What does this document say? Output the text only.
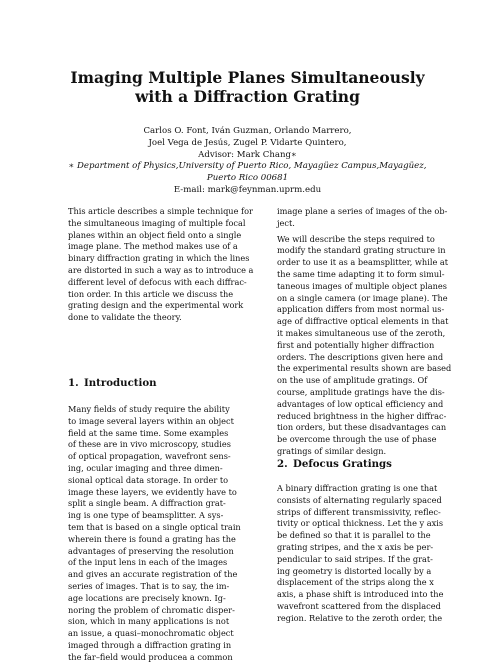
Imaging Multiple Planes Simultaneously
with a Diffraction Grating
Carlos O. Font, Iván Guzman, Orlando Marrero,
Joel Vega de Jesús, Zugel P. Vidarte Quintero,
Advisor: Mark Chang∗
∗ Department of Physics,University of Puerto Rico, Mayagüez Campus,Mayagüez,
Puerto Rico 00681
E-mail: mark@feynman.uprm.edu
This article describes a simple technique for
the simultaneous imaging of multiple focal
planes within an object field onto a single
image plane. The method makes use of a
binary diffraction grating in which the lines
are distorted in such a way as to introduce a
different level of defocus with each diffrac-
tion order. In this article we discuss the
grating design and the experimental work
done to validate the theory.
1. Introduction
Many fields of study require the ability
to image several layers within an object
field at the same time. Some examples
of these are in vivo microscopy, studies
of optical propagation, wavefront sens-
ing, ocular imaging and three dimen-
sional optical data storage. In order to
image these layers, we evidently have to
split a single beam. A diffraction grat-
ing is one type of beamsplitter. A sys-
tem that is based on a single optical train
wherein there is found a grating has the
advantages of preserving the resolution
of the input lens in each of the images
and gives an accurate registration of the
series of images. That is to say, the im-
age locations are precisely known. Ig-
noring the problem of chromatic disper-
sion, which in many applications is not
an issue, a quasi–monochromatic object
imaged through a diffraction grating in
the far–field would producea a common
image plane a series of images of the ob-
ject.
We will describe the steps required to
modify the standard grating structure in
order to use it as a beamsplitter, while at
the same time adapting it to form simul-
taneous images of multiple object planes
on a single camera (or image plane). The
application differs from most normal us-
age of diffractive optical elements in that
it makes simultaneous use of the zeroth,
first and potentially higher diffraction
orders. The descriptions given here and
the experimental results shown are based
on the use of amplitude gratings. Of
course, amplitude gratings have the dis-
advantages of low optical efficiency and
reduced brightness in the higher diffrac-
tion orders, but these disadvantages can
be overcome through the use of phase
gratings of similar design.
2. Defocus Gratings
A binary diffraction grating is one that
consists of alternating regularly spaced
strips of different transmissivity, reflec-
tivity or optical thickness. Let the y axis
be defined so that it is parallel to the
grating stripes, and the x axis be per-
pendicular to said stripes. If the grat-
ing geometry is distorted locally by a
displacement of the strips along the x
axis, a phase shift is introduced into the
wavefront scattered from the displaced
region. Relative to the zeroth order, the
